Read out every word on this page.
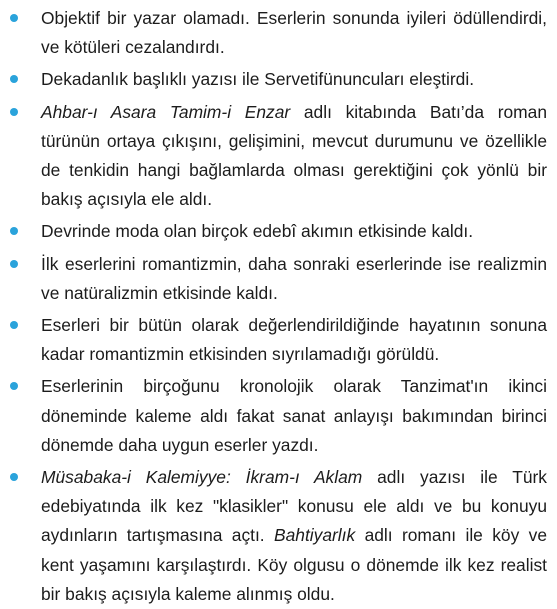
Objektif bir yazar olamadı. Eserlerin sonunda iyileri ödüllendirdi, ve kötüleri cezalandırdı.
Dekadanlık başlıklı yazısı ile Servetifünuncuları eleştirdi.
Ahbar-ı Asara Tamim-i Enzar adlı kitabında Batı’da roman türünün ortaya çıkışını, gelişimini, mevcut durumunu ve özellikle de tenkidin hangi bağlamlarda olması gerektiğini çok yönlü bir bakış açısıyla ele aldı.
Devrinde moda olan birçok edebî akımın etkisinde kaldı.
İlk eserlerini romantizmin, daha sonraki eserlerinde ise realizmin ve natüralizmin etkisinde kaldı.
Eserleri bir bütün olarak değerlendirildiğinde hayatının sonuna kadar romantizmin etkisinden sıyrılamadığı görüldü.
Eserlerinin birçoğunu kronolojik olarak Tanzimat'ın ikinci döneminde kaleme aldı fakat sanat anlayışı bakımından birinci dönemde daha uygun eserler yazdı.
Müsabaka-i Kalemiyye: İkram-ı Aklam adlı yazısı ile Türk edebiyatında ilk kez "klasikler" konusu ele aldı ve bu konuyu aydınların tartışmasına açtı. Bahtiyarlık adlı romanı ile köy ve kent yaşamını karşılaştırdı. Köy olgusu o dönemde ilk kez realist bir bakış açısıyla kaleme alınmış oldu.
